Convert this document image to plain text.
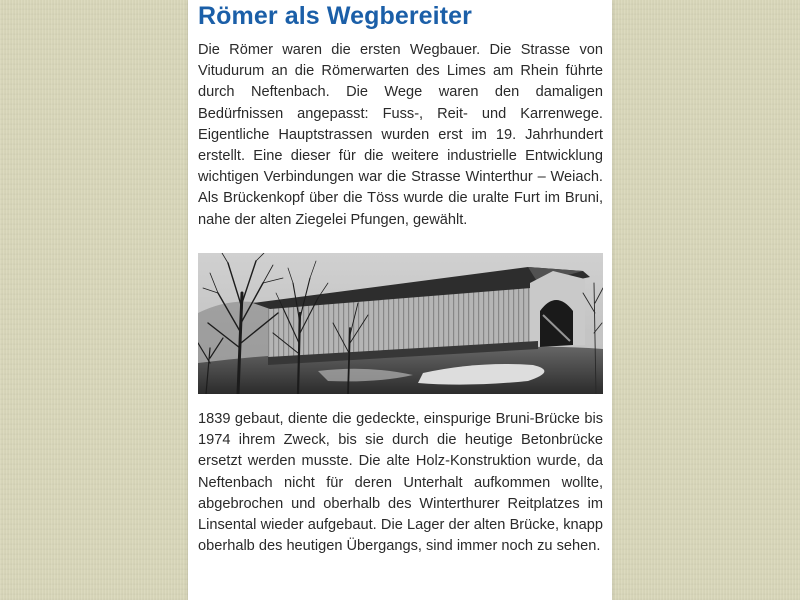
Römer als Wegbereiter

Die Römer waren die ersten Wegbauer. Die Strasse von Vitudurum an die Römerwarten des Limes am Rhein führte durch Neftenbach. Die Wege waren den damaligen Bedürfnissen angepasst: Fuss-, Reit- und Karrenwege. Eigentliche Hauptstrassen wurden erst im 19. Jahrhundert erstellt. Eine dieser für die weitere industrielle Entwicklung wichtigen Verbindungen war die Strasse Winterthur – Weiach. Als Brückenkopf über die Töss wurde die uralte Furt im Bruni, nahe der alten Ziegelei Pfungen, gewählt.

1839 gebaut, diente die gedeckte, einspurige Bruni-Brücke bis 1974 ihrem Zweck, bis sie durch die heutige Betonbrücke ersetzt werden musste. Die alte Holz-Konstruktion wurde, da Neftenbach nicht für deren Unterhalt aufkommen wollte, abgebrochen und oberhalb des Winterthurer Reitplatzes im Linsental wieder aufgebaut. Die Lager der alten Brücke, knapp oberhalb des heutigen Übergangs, sind immer noch zu sehen.
